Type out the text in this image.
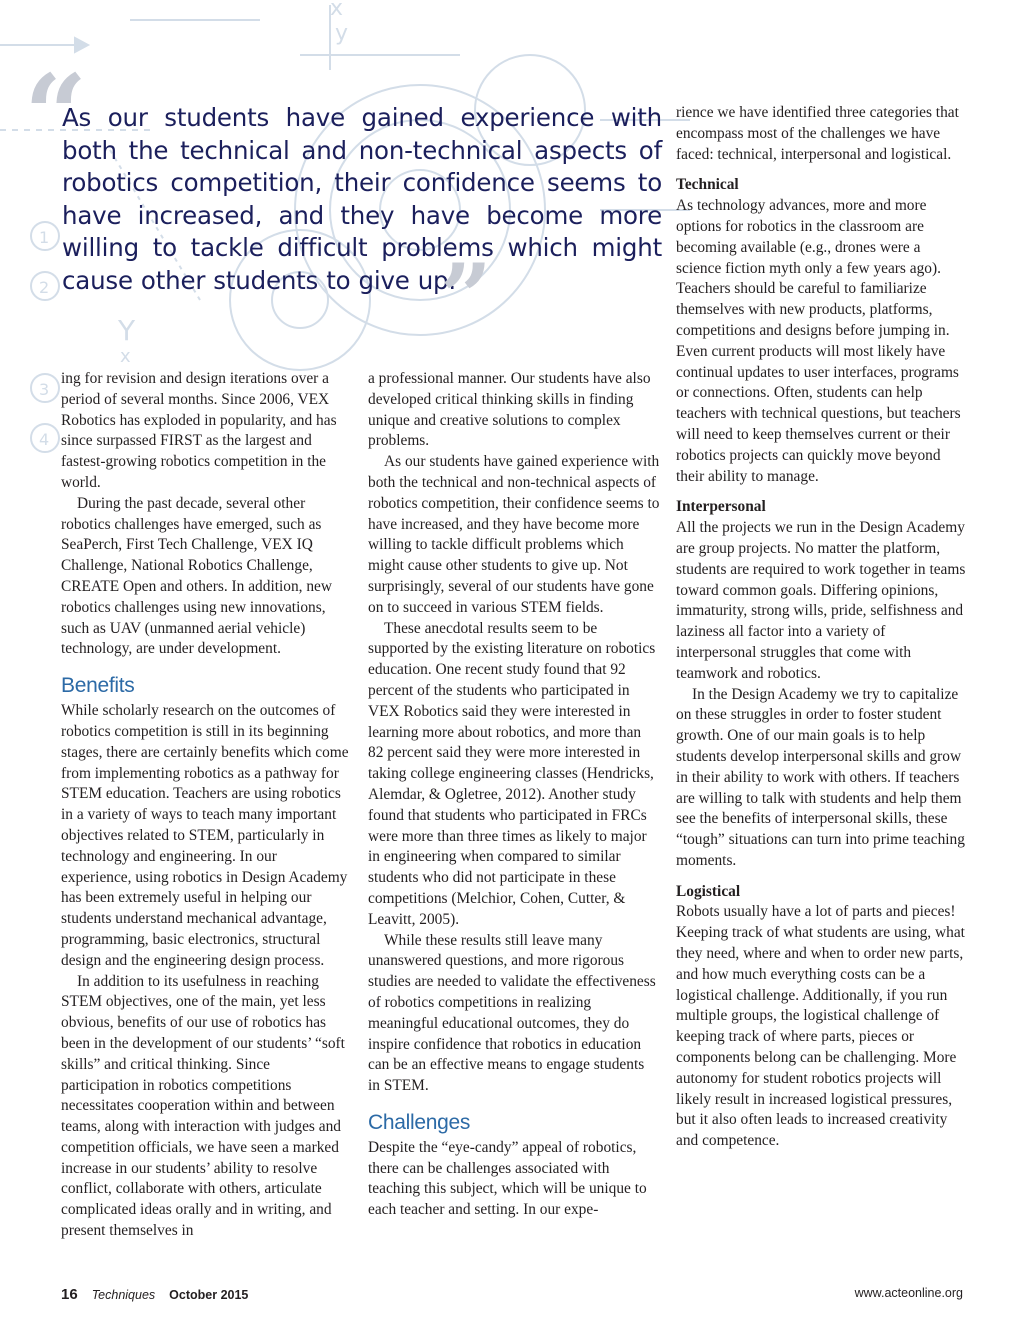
y
x
Y
x
1
2
3
4
“

As our students have gained experience with both the technical and non-technical aspects of robotics competition, their confidence seems to have increased, and they have become more willing to tackle difficult problems which might cause other students to give up.

”

ing for revision and design iterations over a period of several months. Since 2006, VEX Robotics has exploded in popularity, and has since surpassed FIRST as the largest and fastest-growing robotics competition in the world.

During the past decade, several other robotics challenges have emerged, such as SeaPerch, First Tech Challenge, VEX IQ Challenge, National Robotics Challenge, CREATE Open and others. In addition, new robotics challenges using new innovations, such as UAV (unmanned aerial vehicle) technology, are under development.

Benefits

While scholarly research on the outcomes of robotics competition is still in its beginning stages, there are certainly benefits which come from implementing robotics as a pathway for STEM education. Teachers are using robotics in a variety of ways to teach many important objectives related to STEM, particularly in technology and engineering. In our experience, using robotics in Design Academy has been extremely useful in helping our students understand mechanical advantage, programming, basic electronics, structural design and the engineering design process.

In addition to its usefulness in reaching STEM objectives, one of the main, yet less obvious, benefits of our use of robotics has been in the development of our students’ “soft skills” and critical thinking. Since participation in robotics competitions necessitates cooperation within and between teams, along with interaction with judges and competition officials, we have seen a marked increase in our students’ ability to resolve conflict, collaborate with others, articulate complicated ideas orally and in writing, and present themselves in

a professional manner. Our students have also developed critical thinking skills in finding unique and creative solutions to complex problems.

As our students have gained experience with both the technical and non-technical aspects of robotics competition, their confidence seems to have increased, and they have become more willing to tackle difficult problems which might cause other students to give up. Not surprisingly, several of our students have gone on to succeed in various STEM fields.

These anecdotal results seem to be supported by the existing literature on robotics education. One recent study found that 92 percent of the students who participated in VEX Robotics said they were interested in learning more about robotics, and more than 82 percent said they were more interested in taking college engineering classes (Hendricks, Alemdar, & Ogletree, 2012). Another study found that students who participated in FRCs were more than three times as likely to major in engineering when compared to similar students who did not participate in these competitions (Melchior, Cohen, Cutter, & Leavitt, 2005).

While these results still leave many unanswered questions, and more rigorous studies are needed to validate the effectiveness of robotics competitions in realizing meaningful educational outcomes, they do inspire confidence that robotics in education can be an effective means to engage students in STEM.

Challenges

Despite the “eye-candy” appeal of robotics, there can be challenges associated with teaching this subject, which will be unique to each teacher and setting. In our expe-

rience we have identified three categories that encompass most of the challenges we have faced: technical, interpersonal and logistical.

Technical

As technology advances, more and more options for robotics in the classroom are becoming available (e.g., drones were a science fiction myth only a few years ago). Teachers should be careful to familiarize themselves with new products, platforms, competitions and designs before jumping in. Even current products will most likely have continual updates to user interfaces, programs or connections. Often, students can help teachers with technical questions, but teachers will need to keep themselves current or their robotics projects can quickly move beyond their ability to manage.

Interpersonal

All the projects we run in the Design Academy are group projects. No matter the platform, students are required to work together in teams toward common goals. Differing opinions, immaturity, strong wills, pride, selfishness and laziness all factor into a variety of interpersonal struggles that come with teamwork and robotics.

In the Design Academy we try to capitalize on these struggles in order to foster student growth. One of our main goals is to help students develop interpersonal skills and grow in their ability to work with others. If teachers are willing to talk with students and help them see the benefits of interpersonal skills, these “tough” situations can turn into prime teaching moments.

Logistical

Robots usually have a lot of parts and pieces! Keeping track of what students are using, what they need, where and when to order new parts, and how much everything costs can be a logistical challenge. Additionally, if you run multiple groups, the logistical challenge of keeping track of where parts, pieces or components belong can be challenging. More autonomy for student robotics projects will likely result in increased logistical pressures, but it also often leads to increased creativity and competence.

16 Techniques October 2015	www.acteonline.org
